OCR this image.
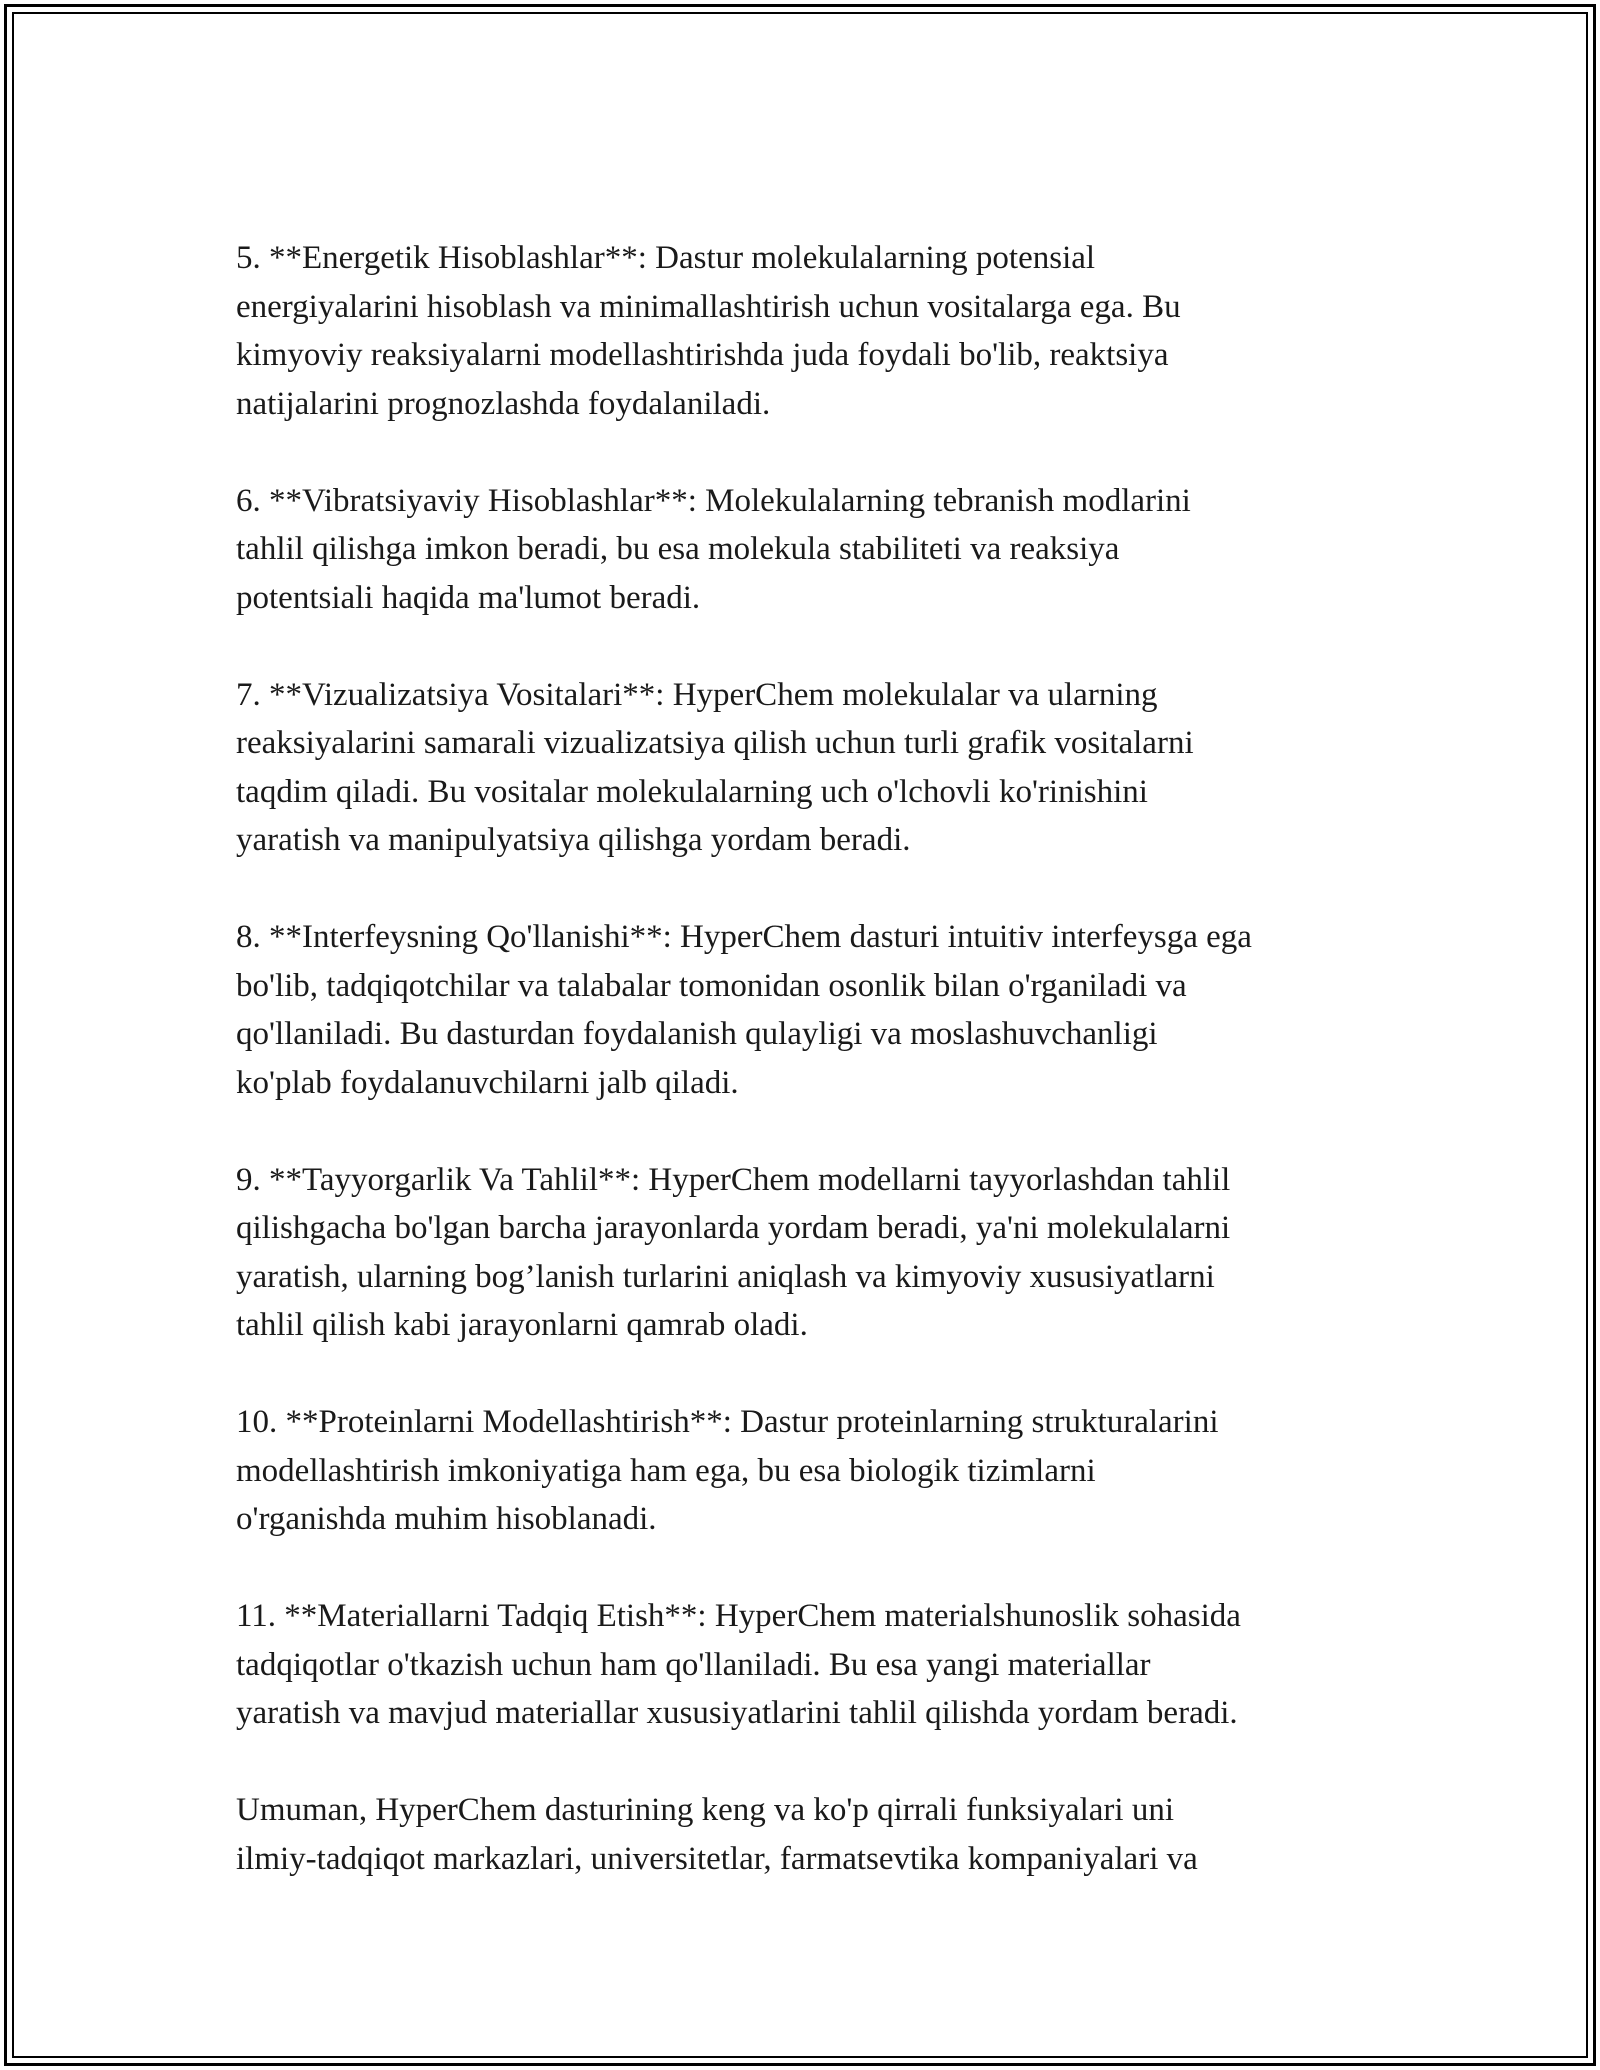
5. **Energetik Hisoblashlar**: Dastur molekulalarning potensial
energiyalarini hisoblash va minimallashtirish uchun vositalarga ega. Bu
kimyoviy reaksiyalarni modellashtirishda juda foydali bo'lib, reaktsiya
natijalarini prognozlashda foydalaniladi.

6. **Vibratsiyaviy Hisoblashlar**: Molekulalarning tebranish modlarini
tahlil qilishga imkon beradi, bu esa molekula stabiliteti va reaksiya
potentsiali haqida ma'lumot beradi.

7. **Vizualizatsiya Vositalari**: HyperChem molekulalar va ularning
reaksiyalarini samarali vizualizatsiya qilish uchun turli grafik vositalarni
taqdim qiladi. Bu vositalar molekulalarning uch o'lchovli ko'rinishini
yaratish va manipulyatsiya qilishga yordam beradi.

8. **Interfeysning Qo'llanishi**: HyperChem dasturi intuitiv interfeysga ega
bo'lib, tadqiqotchilar va talabalar tomonidan osonlik bilan o'rganiladi va
qo'llaniladi. Bu dasturdan foydalanish qulayligi va moslashuvchanligi
ko'plab foydalanuvchilarni jalb qiladi.

9. **Tayyorgarlik Va Tahlil**: HyperChem modellarni tayyorlashdan tahlil
qilishgacha bo'lgan barcha jarayonlarda yordam beradi, ya'ni molekulalarni
yaratish, ularning bog’lanish turlarini aniqlash va kimyoviy xususiyatlarni
tahlil qilish kabi jarayonlarni qamrab oladi.

10. **Proteinlarni Modellashtirish**: Dastur proteinlarning strukturalarini
modellashtirish imkoniyatiga ham ega, bu esa biologik tizimlarni
o'rganishda muhim hisoblanadi.

11. **Materiallarni Tadqiq Etish**: HyperChem materialshunoslik sohasida
tadqiqotlar o'tkazish uchun ham qo'llaniladi. Bu esa yangi materiallar
yaratish va mavjud materiallar xususiyatlarini tahlil qilishda yordam beradi.

Umuman, HyperChem dasturining keng va ko'p qirrali funksiyalari uni
ilmiy-tadqiqot markazlari, universitetlar, farmatsevtika kompaniyalari va
